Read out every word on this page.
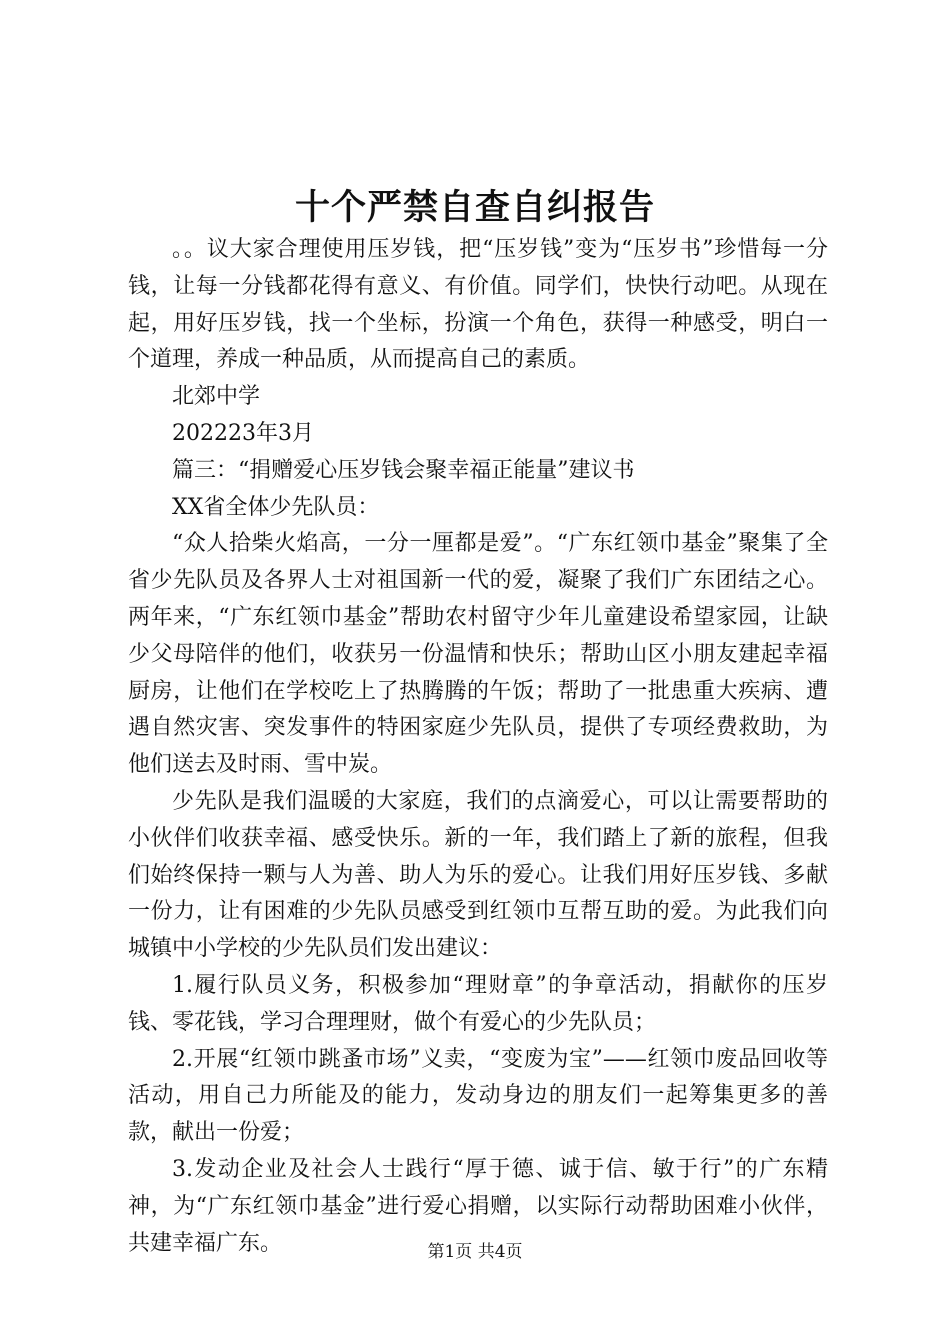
十个严禁自查自纠报告

。。议大家合理使用压岁钱，把“压岁钱”变为“压岁书”珍惜每一分钱，让每一分钱都花得有意义、有价值。同学们，快快行动吧。从现在起，用好压岁钱，找一个坐标，扮演一个角色，获得一种感受，明白一个道理，养成一种品质，从而提高自己的素质。

北郊中学

202223年3月

篇三：“捐赠爱心压岁钱会聚幸福正能量”建议书

XX省全体少先队员：

“众人拾柴火焰高，一分一厘都是爱”。“广东红领巾基金”聚集了全省少先队员及各界人士对祖国新一代的爱，凝聚了我们广东团结之心。两年来，“广东红领巾基金”帮助农村留守少年儿童建设希望家园，让缺少父母陪伴的他们，收获另一份温情和快乐；帮助山区小朋友建起幸福厨房，让他们在学校吃上了热腾腾的午饭；帮助了一批患重大疾病、遭遇自然灾害、突发事件的特困家庭少先队员，提供了专项经费救助，为他们送去及时雨、雪中炭。

少先队是我们温暖的大家庭，我们的点滴爱心，可以让需要帮助的小伙伴们收获幸福、感受快乐。新的一年，我们踏上了新的旅程，但我们始终保持一颗与人为善、助人为乐的爱心。让我们用好压岁钱、多献一份力，让有困难的少先队员感受到红领巾互帮互助的爱。为此我们向城镇中小学校的少先队员们发出建议：

1.履行队员义务，积极参加“理财章”的争章活动，捐献你的压岁钱、零花钱，学习合理理财，做个有爱心的少先队员；

2.开展“红领巾跳蚤市场”义卖，“变废为宝”——红领巾废品回收等活动，用自己力所能及的能力，发动身边的朋友们一起筹集更多的善款，献出一份爱；

3.发动企业及社会人士践行“厚于德、诚于信、敏于行”的广东精神，为“广东红领巾基金”进行爱心捐赠，以实际行动帮助困难小伙伴，共建幸福广东。	第1页 共4页
